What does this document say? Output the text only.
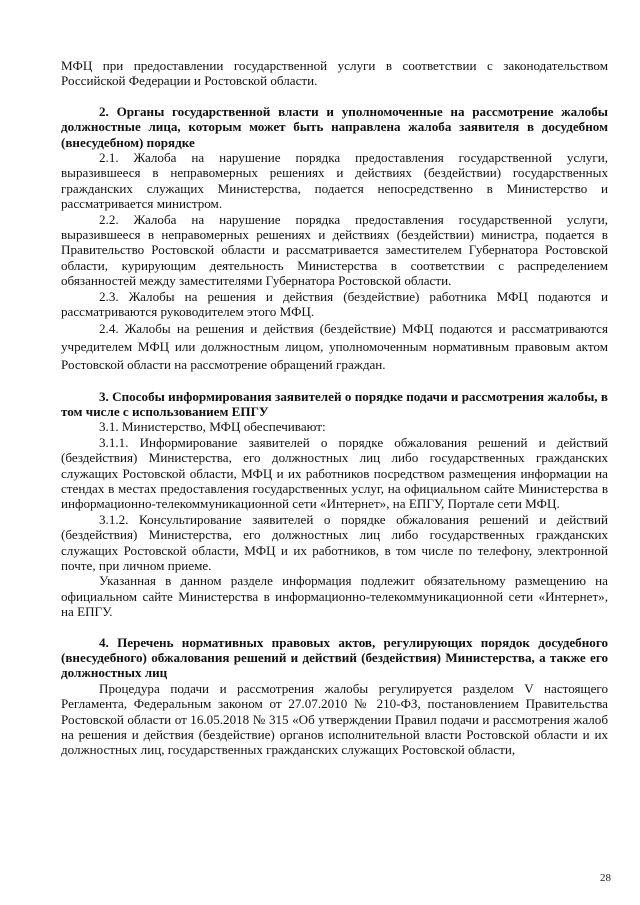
МФЦ при предоставлении государственной услуги в соответствии с законодательством Российской Федерации и Ростовской области.

2. Органы государственной власти и уполномоченные на рассмотрение жалобы должностные лица, которым может быть направлена жалоба заявителя в досудебном (внесудебном) порядке

2.1. Жалоба на нарушение порядка предоставления государственной услуги, выразившееся в неправомерных решениях и действиях (бездействии) государственных гражданских служащих Министерства, подается непосредственно в Министерство и рассматривается министром.

2.2. Жалоба на нарушение порядка предоставления государственной услуги, выразившееся в неправомерных решениях и действиях (бездействии) министра, подается в Правительство Ростовской области и рассматривается заместителем Губернатора Ростовской области, курирующим деятельность Министерства в соответствии с распределением обязанностей между заместителями Губернатора Ростовской области.

2.3. Жалобы на решения и действия (бездействие) работника МФЦ подаются и рассматриваются руководителем этого МФЦ.

2.4. Жалобы на решения и действия (бездействие) МФЦ подаются и рассматриваются учредителем МФЦ или должностным лицом, уполномоченным нормативным правовым актом Ростовской области на рассмотрение обращений граждан.

3. Способы информирования заявителей о порядке подачи и рассмотрения жалобы, в том числе с использованием ЕПГУ

3.1. Министерство, МФЦ обеспечивают:

3.1.1. Информирование заявителей о порядке обжалования решений и действий (бездействия) Министерства, его должностных лиц либо государственных гражданских служащих Ростовской области, МФЦ и их работников посредством размещения информации на стендах в местах предоставления государственных услуг, на официальном сайте Министерства в информационно-телекоммуникационной сети «Интернет», на ЕПГУ, Портале сети МФЦ.

3.1.2. Консультирование заявителей о порядке обжалования решений и действий (бездействия) Министерства, его должностных лиц либо государственных гражданских служащих Ростовской области, МФЦ и их работников, в том числе по телефону, электронной почте, при личном приеме.

Указанная в данном разделе информация подлежит обязательному размещению на официальном сайте Министерства в информационно-телекоммуникационной сети «Интернет», на ЕПГУ.

4. Перечень нормативных правовых актов, регулирующих порядок досудебного (внесудебного) обжалования решений и действий (бездействия) Министерства, а также его должностных лиц

Процедура подачи и рассмотрения жалобы регулируется разделом V настоящего Регламента, Федеральным законом от 27.07.2010 № 210-ФЗ, постановлением Правительства Ростовской области от 16.05.2018 № 315 «Об утверждении Правил подачи и рассмотрения жалоб на решения и действия (бездействие) органов исполнительной власти Ростовской области и их должностных лиц, государственных гражданских служащих Ростовской области,

28
